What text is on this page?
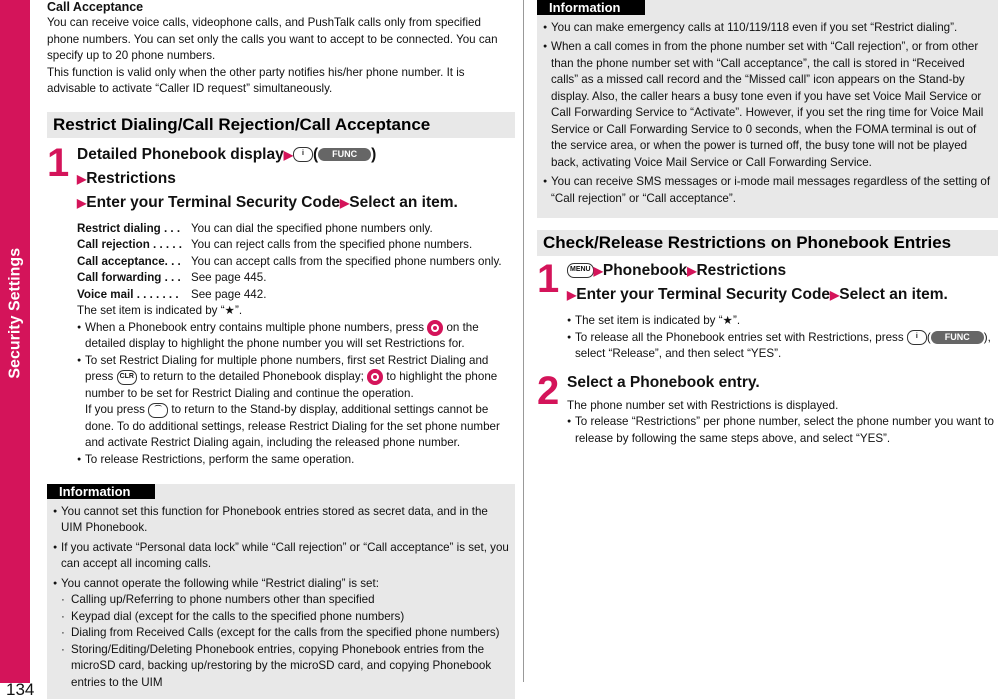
Security Settings
134
Call Acceptance

You can receive voice calls, videophone calls, and PushTalk calls only from specified phone numbers. You can set only the calls you want to accept to be connected. You can specify up to 20 phone numbers.

This function is valid only when the other party notifies his/her phone number. It is advisable to activate “Caller ID request” simultaneously.

Restrict Dialing/Call Rejection/Call Acceptance
1 Detailed Phonebook display▶ i ( FUNC )
▶Restrictions
▶Enter your Terminal Security Code▶Select an item.
Restrict dialing . . . You can dial the specified phone numbers only.
Call rejection . . . . . You can reject calls from the specified phone numbers.
Call acceptance. . . You can accept calls from the specified phone numbers only.
Call forwarding . . . See page 445.
Voice mail . . . . . . .	See page 442.

The set item is indicated by “★”.

● When a Phonebook entry contains multiple phone numbers, press on the detailed display to highlight the phone number you will set Restrictions for.
● To set Restrict Dialing for multiple phone numbers, first set Restrict Dialing and press CLR to return to the detailed Phonebook display; to highlight the phone number to be set for Restrict Dialing and continue the operation.
If you press ⌒ to return to the Stand-by display, additional settings cannot be done. To do additional settings, release Restrict Dialing for the set phone number and activate Restrict Dialing again, including the released phone number.
● To release Restrictions, perform the same operation.
Information
● You cannot set this function for Phonebook entries stored as secret data, and in the UIM Phonebook.
● If you activate “Personal data lock” while “Call rejection” or “Call acceptance” is set, you can accept all incoming calls.
● You cannot operate the following while “Restrict dialing” is set:
· Calling up/Referring to phone numbers other than specified
· Keypad dial (except for the calls to the specified phone numbers)
· Dialing from Received Calls (except for the calls from the specified phone numbers)
· Storing/Editing/Deleting Phonebook entries, copying Phonebook entries from the microSD card, backing up/restoring by the microSD card, and copying Phonebook entries to the UIM
Information
● You can make emergency calls at 110/119/118 even if you set “Restrict dialing”.
● When a call comes in from the phone number set with “Call rejection”, or from other than the phone number set with “Call acceptance”, the call is stored in “Received calls” as a missed call record and the “Missed call” icon appears on the Stand-by display. Also, the caller hears a busy tone even if you have set Voice Mail Service or Call Forwarding Service to “Activate”. However, if you set the ring time for Voice Mail Service or Call Forwarding Service to 0 seconds, when the FOMA terminal is out of the service area, or when the power is turned off, the busy tone will not be played back, activating Voice Mail Service or Call Forwarding Service.
● You can receive SMS messages or i-mode mail messages regardless of the setting of “Call rejection” or “Call acceptance”.
Check/Release Restrictions on Phonebook Entries
1	MENU ▶Phonebook▶Restrictions
▶Enter your Terminal Security Code▶Select an item.
● The set item is indicated by “★”.
● To release all the Phonebook entries set with Restrictions, press i ( FUNC ), select “Release”, and then select “YES”.
2 Select a Phonebook entry.

The phone number set with Restrictions is displayed.

● To release “Restrictions” per phone number, select the phone number you want to release by following the same steps above, and select “YES”.
